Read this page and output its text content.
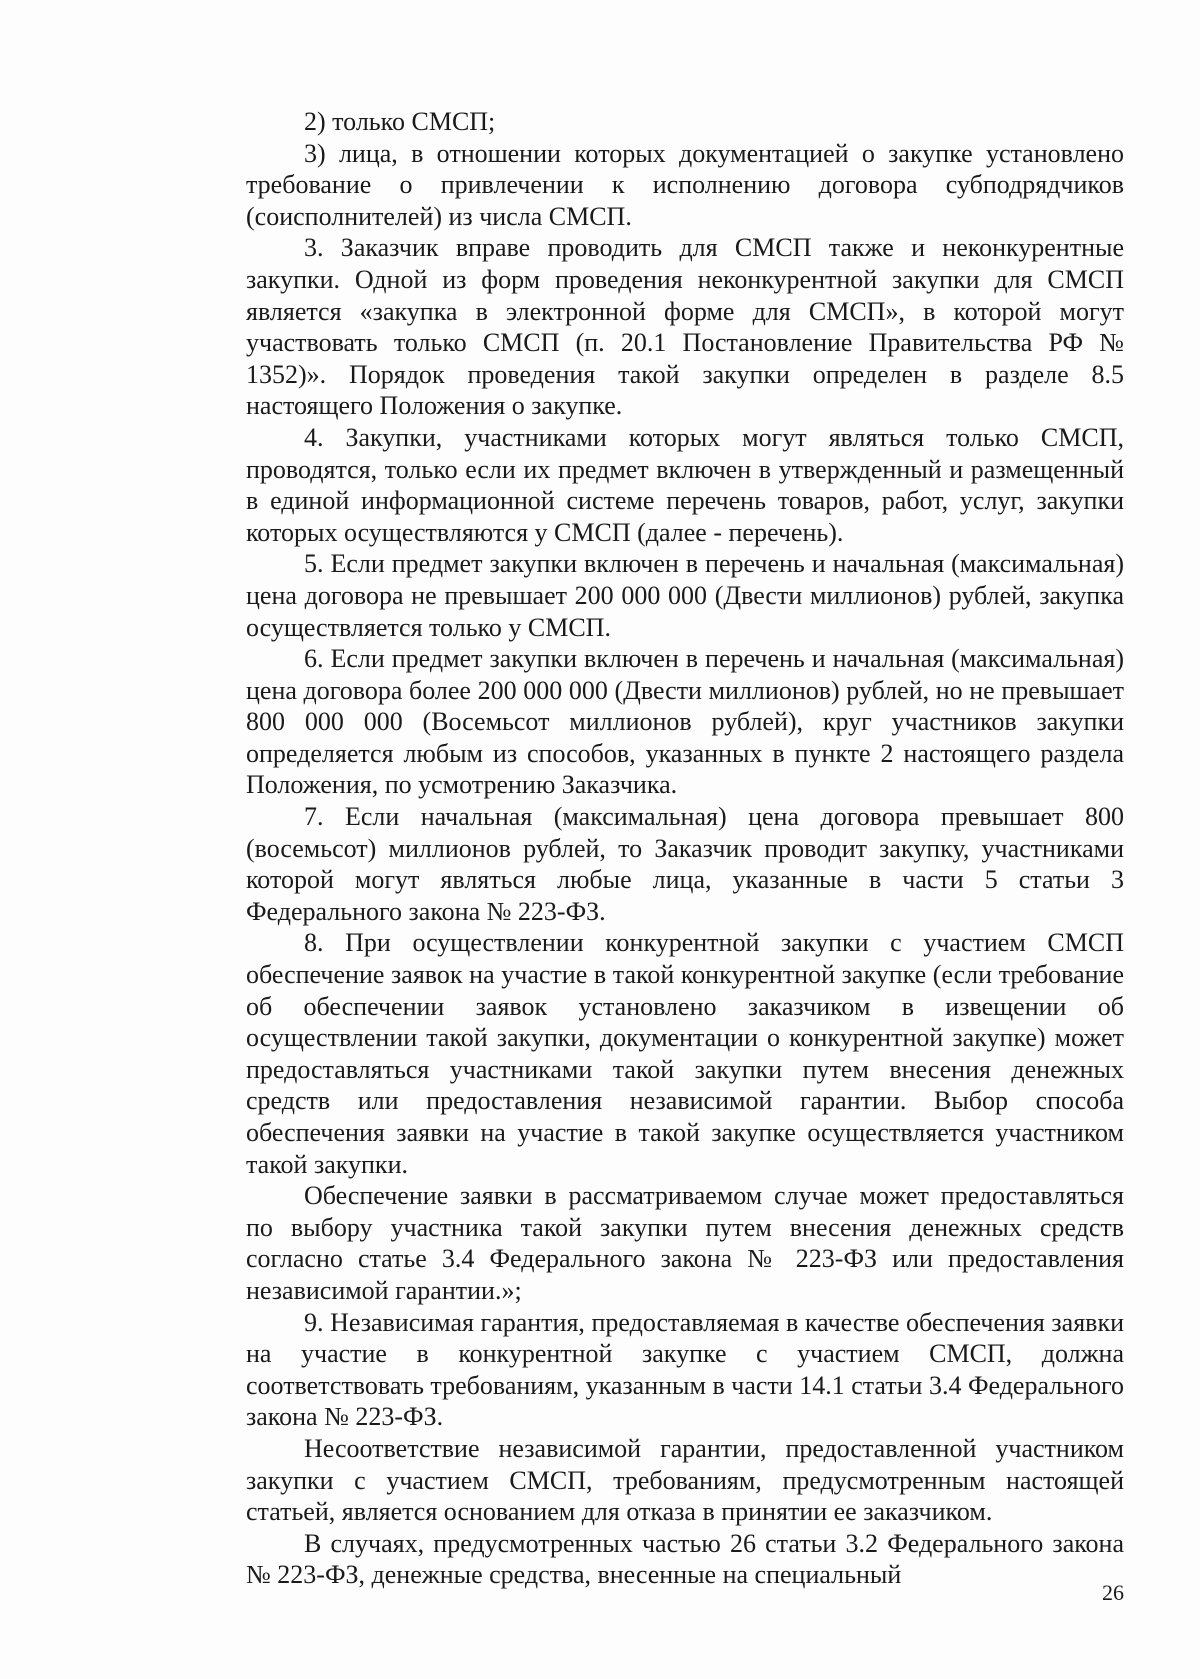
2) только СМСП;

3) лица, в отношении которых документацией о закупке установлено требование о привлечении к исполнению договора субподрядчиков (соисполнителей) из числа СМСП.

3. Заказчик вправе проводить для СМСП также и неконкурентные закупки. Одной из форм проведения неконкурентной закупки для СМСП является «закупка в электронной форме для СМСП», в которой могут участвовать только СМСП (п. 20.1 Постановление Правительства РФ № 1352)». Порядок проведения такой закупки определен в разделе 8.5 настоящего Положения о закупке.

4. Закупки, участниками которых могут являться только СМСП, проводятся, только если их предмет включен в утвержденный и размещенный в единой информационной системе перечень товаров, работ, услуг, закупки которых осуществляются у СМСП (далее - перечень).

5. Если предмет закупки включен в перечень и начальная (максимальная) цена договора не превышает 200 000 000 (Двести миллионов) рублей, закупка осуществляется только у СМСП.

6. Если предмет закупки включен в перечень и начальная (максимальная) цена договора более 200 000 000 (Двести миллионов) рублей, но не превышает 800 000 000 (Восемьсот миллионов рублей), круг участников закупки определяется любым из способов, указанных в пункте 2 настоящего раздела Положения, по усмотрению Заказчика.

7. Если начальная (максимальная) цена договора превышает 800 (восемьсот) миллионов рублей, то Заказчик проводит закупку, участниками которой могут являться любые лица, указанные в части 5 статьи 3 Федерального закона № 223-ФЗ.

8. При осуществлении конкурентной закупки с участием СМСП обеспечение заявок на участие в такой конкурентной закупке (если требование об обеспечении заявок установлено заказчиком в извещении об осуществлении такой закупки, документации о конкурентной закупке) может предоставляться участниками такой закупки путем внесения денежных средств или предоставления независимой гарантии. Выбор способа обеспечения заявки на участие в такой закупке осуществляется участником такой закупки.

Обеспечение заявки в рассматриваемом случае может предоставляться по выбору участника такой закупки путем внесения денежных средств согласно статье 3.4 Федерального закона № 223-ФЗ или предоставления независимой гарантии.»;

9. Независимая гарантия, предоставляемая в качестве обеспечения заявки на участие в конкурентной закупке с участием СМСП, должна соответствовать требованиям, указанным в части 14.1 статьи 3.4 Федерального закона № 223-ФЗ.

Несоответствие независимой гарантии, предоставленной участником закупки с участием СМСП, требованиям, предусмотренным настоящей статьей, является основанием для отказа в принятии ее заказчиком.

В случаях, предусмотренных частью 26 статьи 3.2 Федерального закона № 223-ФЗ, денежные средства, внесенные на специальный

26
